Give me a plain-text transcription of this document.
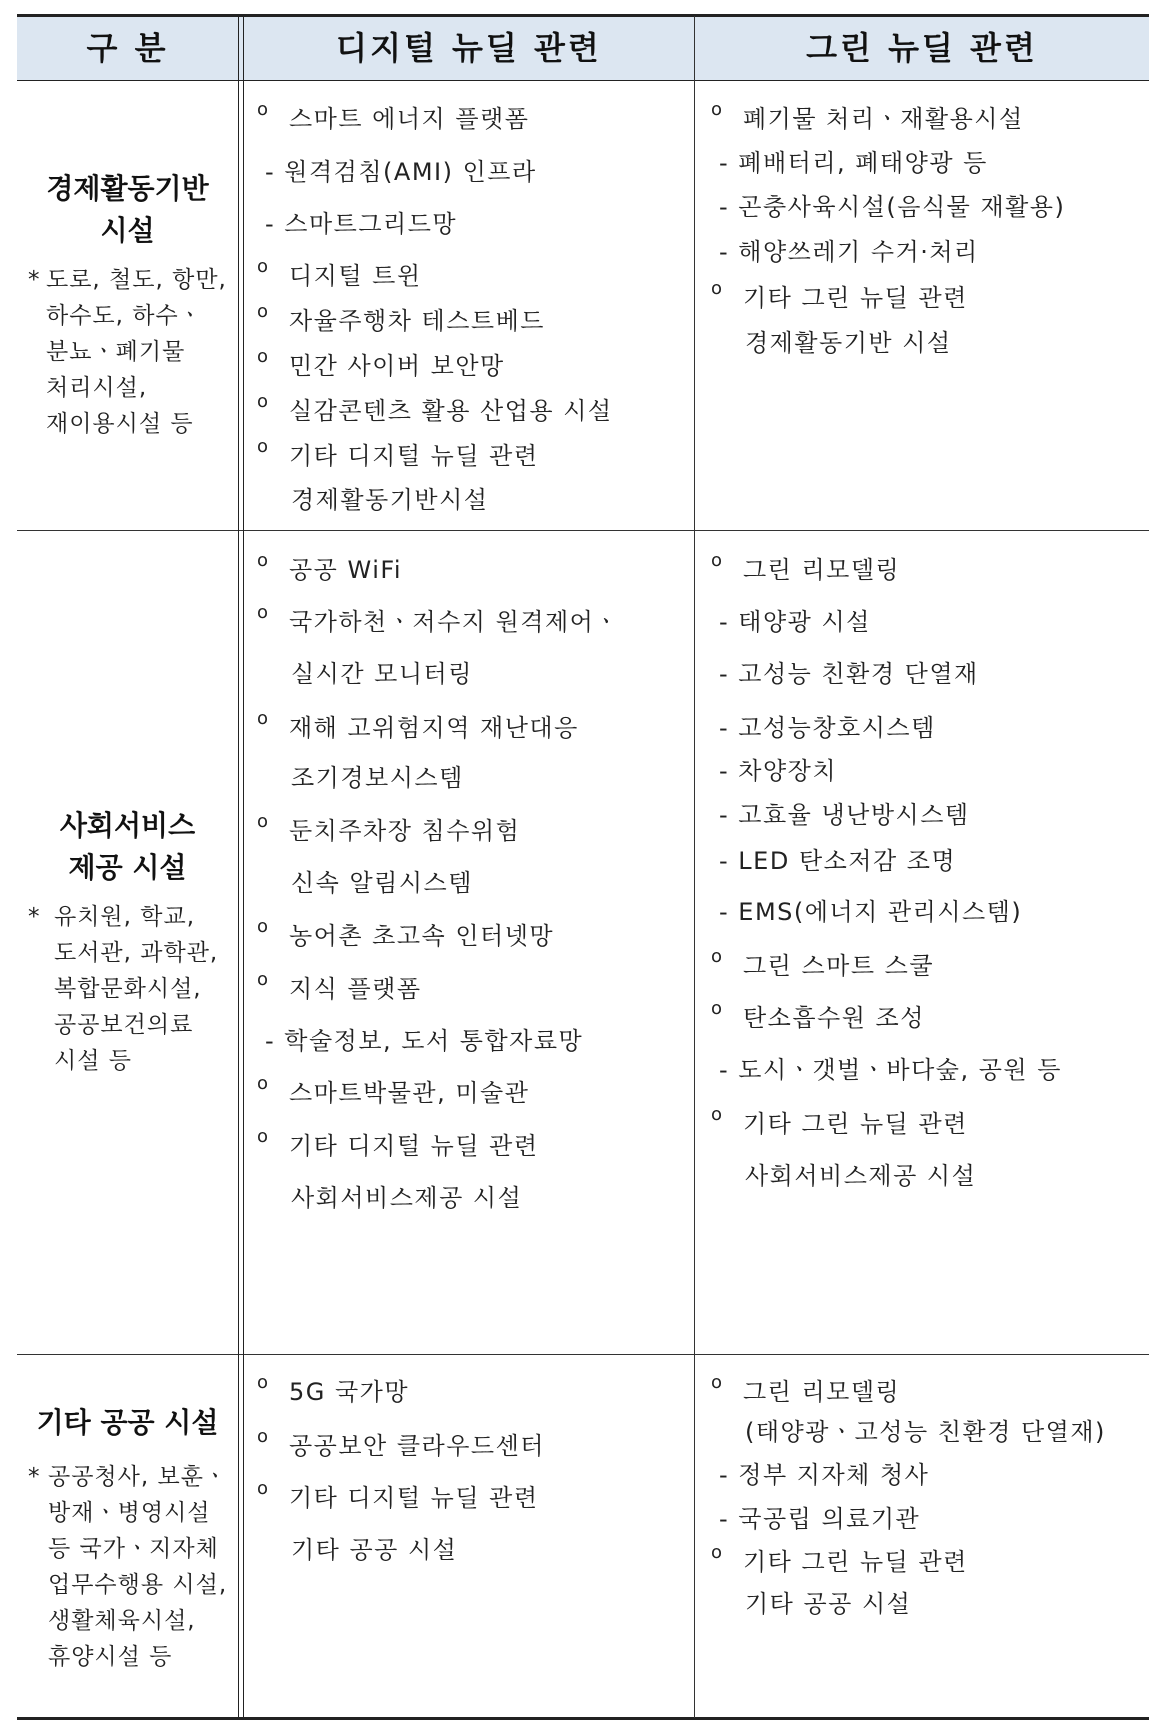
구 분	디지털 뉴딜 관련	그린 뉴딜 관련
경제활동기반
시설
* 도로, 철도, 항만,
하수도, 하수ㆍ
분뇨ㆍ폐기물
처리시설,
재이용시설 등
사회서비스
제공 시설
* 유치원, 학교,
도서관, 과학관,
복합문화시설,
공공보건의료
시설 등
기타 공공 시설
* 공공청사, 보훈ㆍ
방재ㆍ병영시설
등 국가ㆍ지자체
업무수행용 시설,
생활체육시설,
휴양시설 등
o 스마트 에너지 플랫폼
- 원격검침(AMI) 인프라
- 스마트그리드망
o 디지털 트윈
o 자율주행차 테스트베드
o 민간 사이버 보안망
o 실감콘텐츠 활용 산업용 시설
o 기타 디지털 뉴딜 관련
경제활동기반시설
o 폐기물 처리ㆍ재활용시설
- 폐배터리, 폐태양광 등
- 곤충사육시설(음식물 재활용)
- 해양쓰레기 수거·처리
o 기타 그린 뉴딜 관련
경제활동기반 시설
o 공공 WiFi
o 국가하천ㆍ저수지 원격제어ㆍ
실시간 모니터링
o 재해 고위험지역 재난대응
조기경보시스템
o 둔치주차장 침수위험
신속 알림시스템
o 농어촌 초고속 인터넷망
o 지식 플랫폼
- 학술정보, 도서 통합자료망
o 스마트박물관, 미술관
o 기타 디지털 뉴딜 관련
사회서비스제공 시설
o 그린 리모델링
- 태양광 시설
- 고성능 친환경 단열재
- 고성능창호시스템
- 차양장치
- 고효율 냉난방시스템
- LED 탄소저감 조명
- EMS(에너지 관리시스템)
o 그린 스마트 스쿨
o 탄소흡수원 조성
- 도시ㆍ갯벌ㆍ바다숲, 공원 등
o 기타 그린 뉴딜 관련
사회서비스제공 시설
o 5G 국가망
o 공공보안 클라우드센터
o 기타 디지털 뉴딜 관련
기타 공공 시설
o 그린 리모델링
(태양광ㆍ고성능 친환경 단열재)
- 정부 지자체 청사
- 국공립 의료기관
o 기타 그린 뉴딜 관련
기타 공공 시설
